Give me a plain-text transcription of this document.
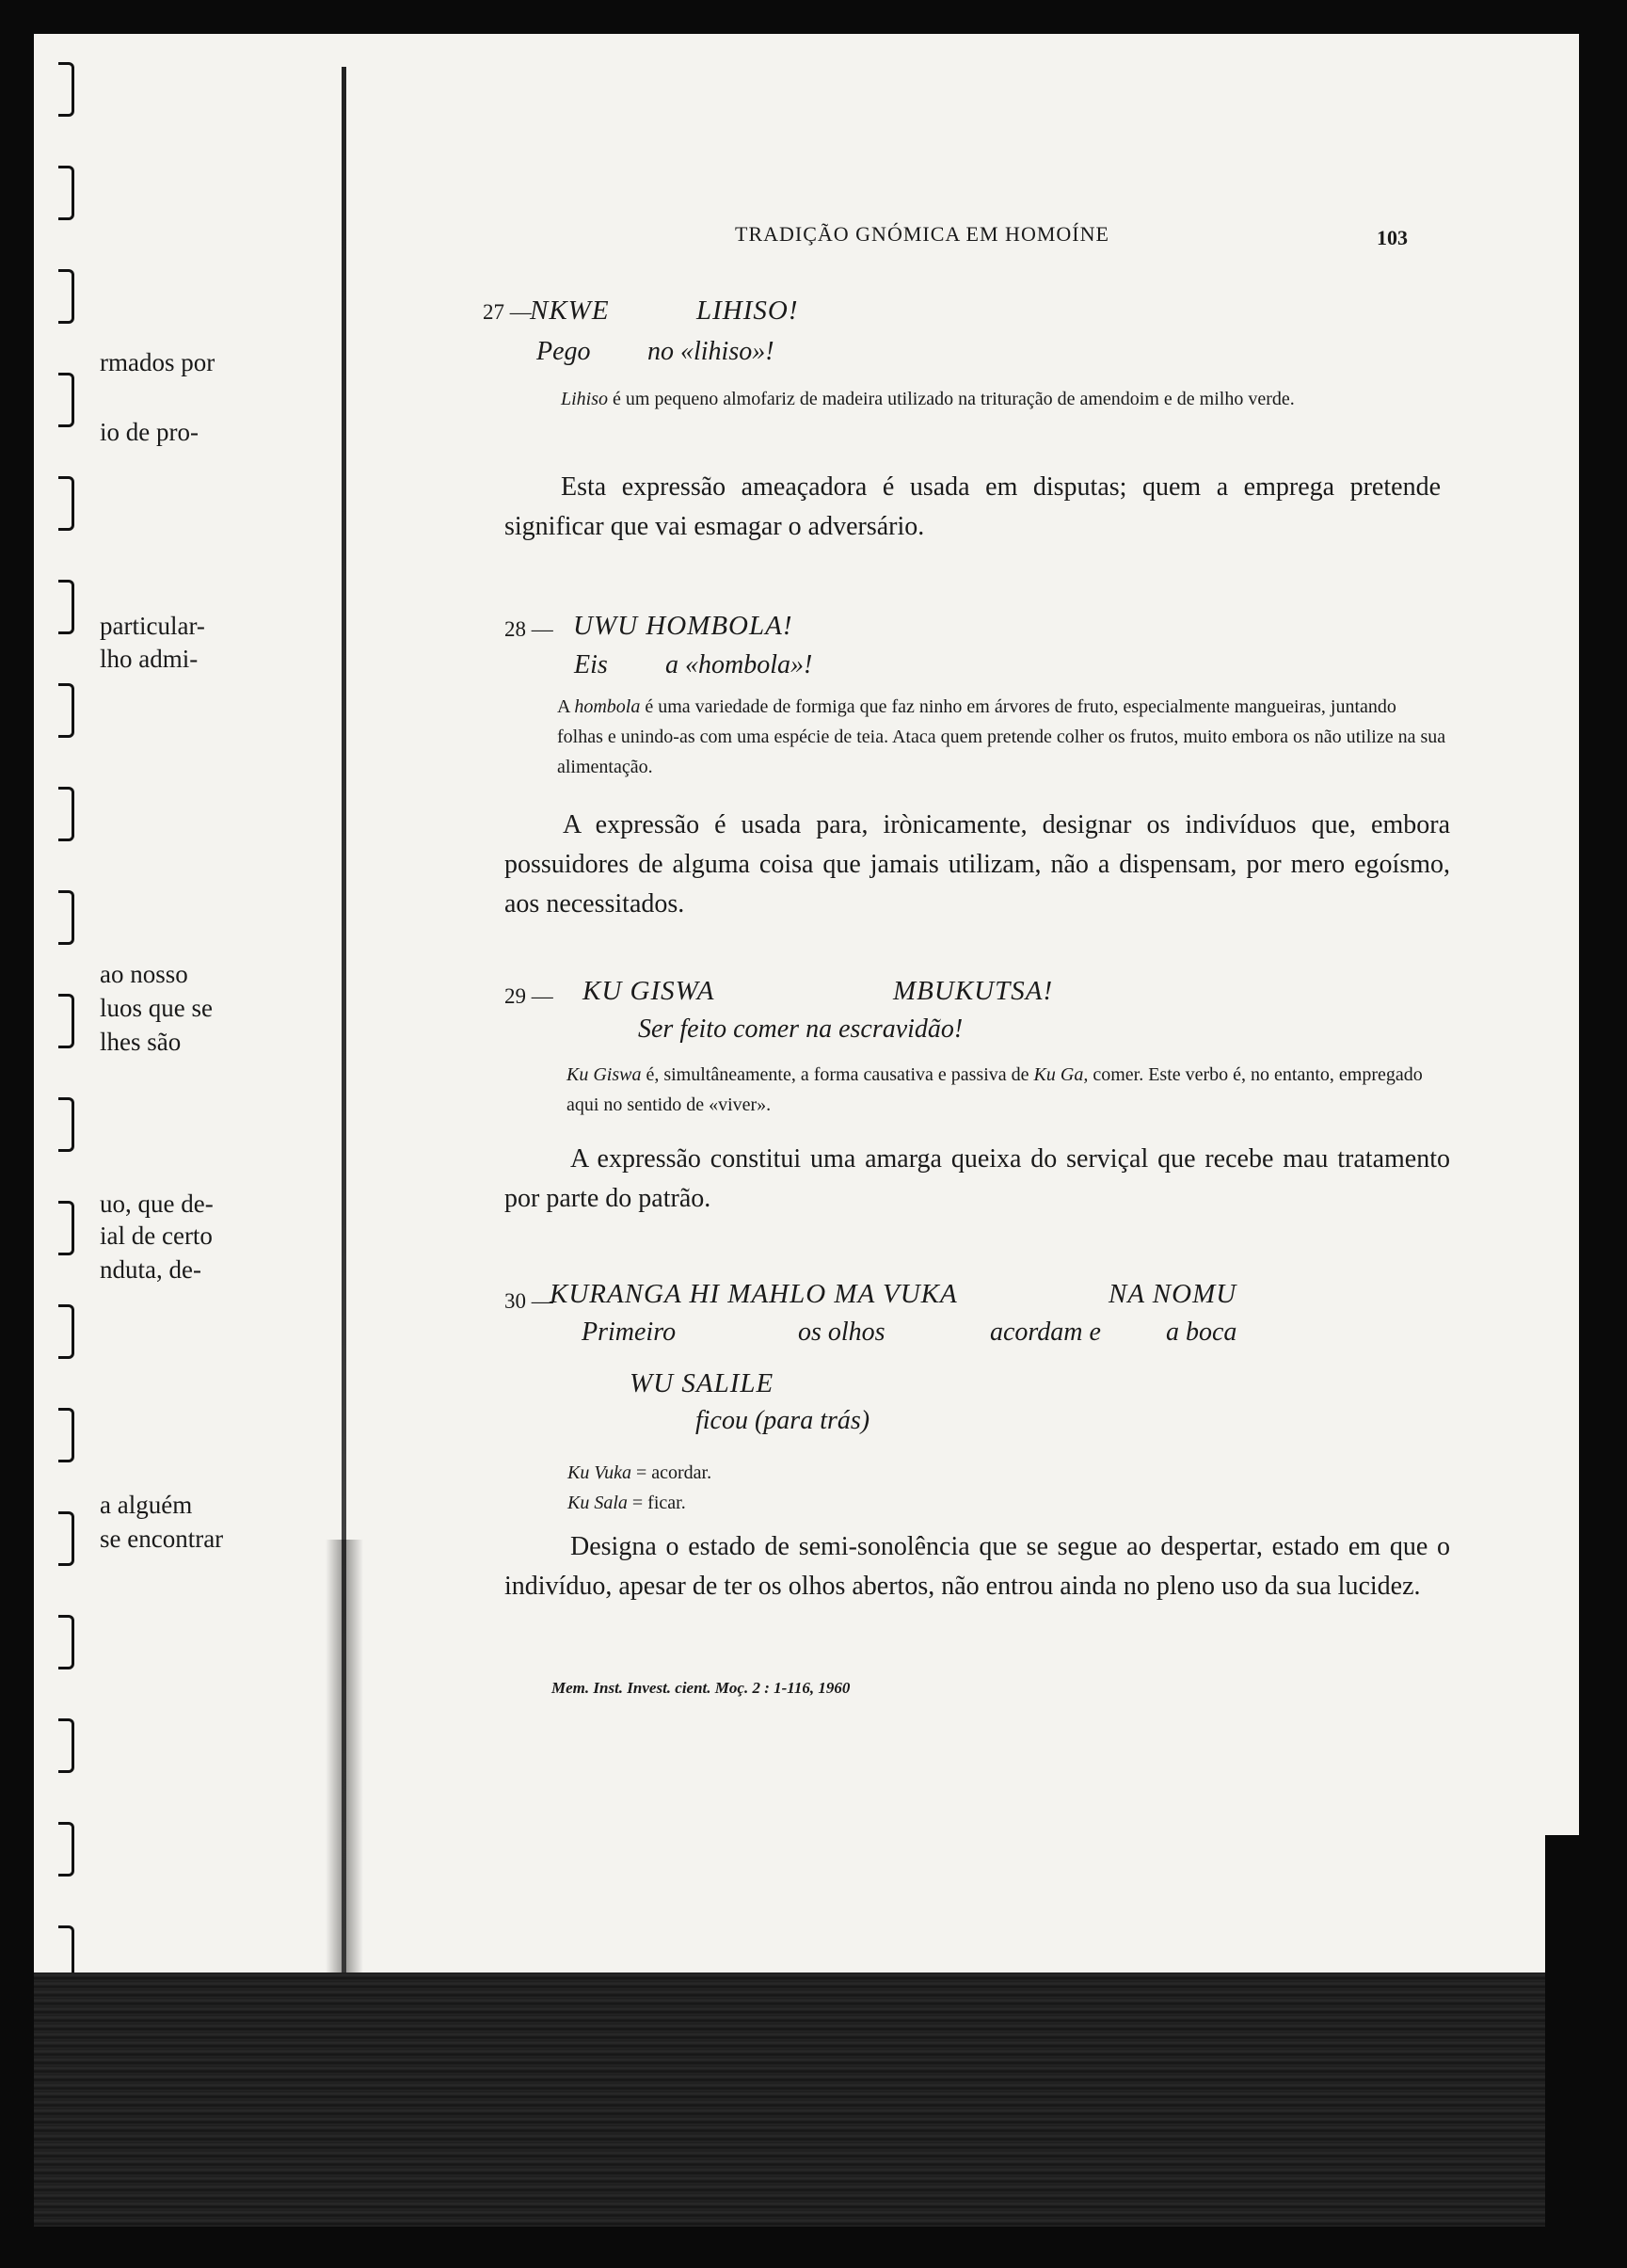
rmados por
io de pro-
particular-
lho admi-
ao nosso
luos que se
lhes são
uo, que de-
ial de certo
nduta, de-
a alguém
se encontrar
TRADIÇÃO GNÓMICA EM HOMOÍNE	103
27 —
NKWE	LIHISO!
Pego no «lihiso»!
Lihiso é um pequeno almofariz de madeira utilizado na trituração de amendoim e de milho verde.
Esta expressão ameaçadora é usada em disputas; quem a emprega pretende significar que vai esmagar o adversário.
28 — UWU HOMBOLA!
Eis a «hombola»!
A hombola é uma variedade de formiga que faz ninho em árvores de fruto, especialmente mangueiras, juntando folhas e unindo-as com uma espécie de teia. Ataca quem pretende colher os frutos, muito embora os não utilize na sua alimentação.
A expressão é usada para, irònicamente, designar os indivíduos que, embora possuidores de alguma coisa que jamais utilizam, não a dispensam, por mero egoísmo, aos necessitados.
29 — KU GISWA	MBUKUTSA!
Ser feito comer na escravidão!
Ku Giswa é, simultâneamente, a forma causativa e passiva de Ku Ga, comer. Este verbo é, no entanto, empregado aqui no sentido de «viver».
A expressão constitui uma amarga queixa do serviçal que recebe mau tratamento por parte do patrão.
30 —
KURANGA HI MAHLO MA VUKA	NA NOMU
Primeiro	os olhos	acordam e a boca
WU SALILE
ficou (para trás)
Ku Vuka = acordar.
Ku Sala = ficar.
Designa o estado de semi-sonolência que se segue ao despertar, estado em que o indivíduo, apesar de ter os olhos abertos, não entrou ainda no pleno uso da sua lucidez.
Mem. Inst. Invest. cient. Moç. 2 : 1-116, 1960
